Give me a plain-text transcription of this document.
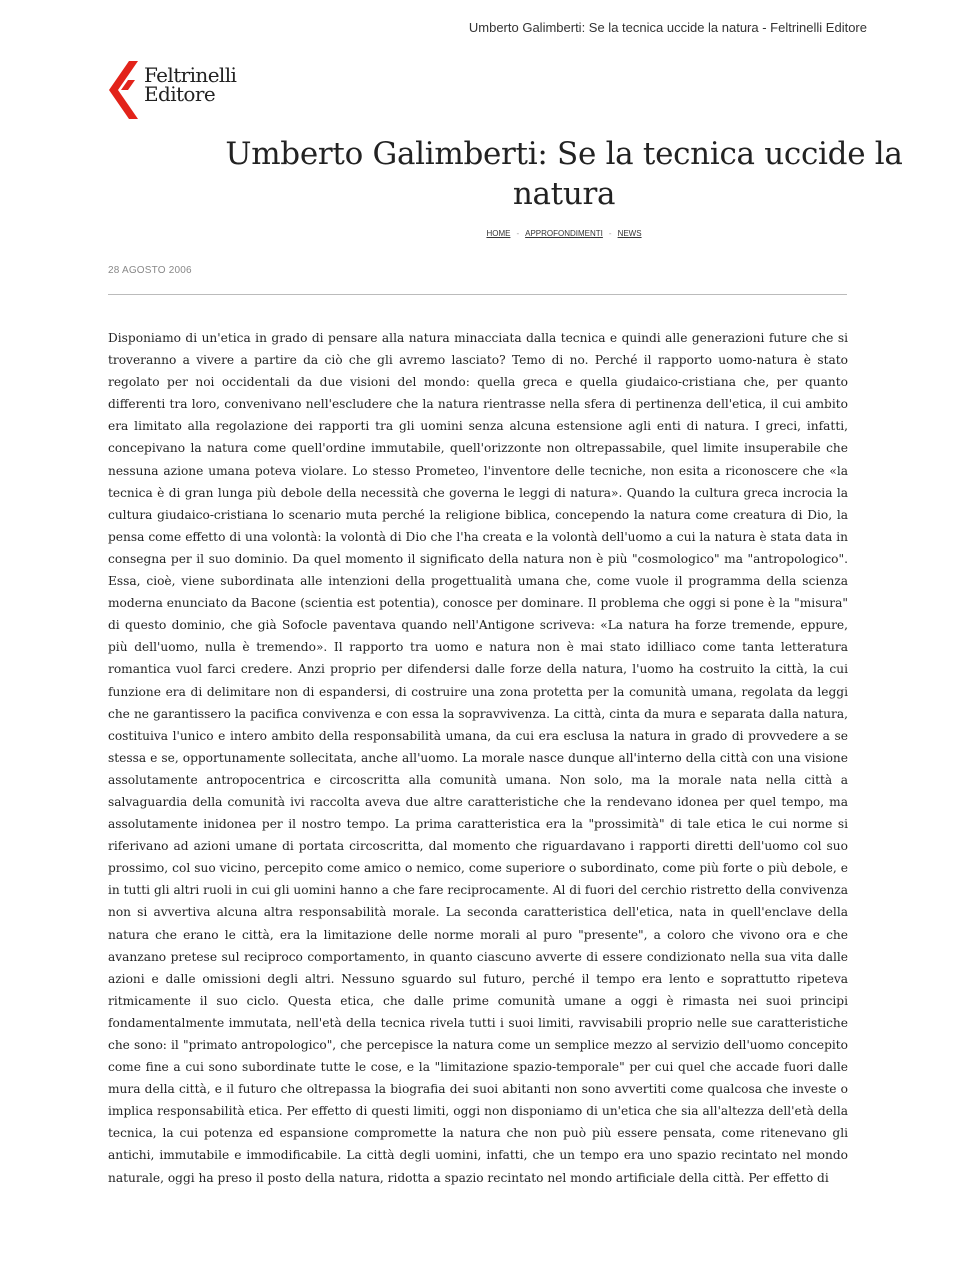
Umberto Galimberti: Se la tecnica uccide la natura - Feltrinelli Editore
Feltrinelli
Editore
Umberto Galimberti: Se la tecnica uccide la natura
HOME - APPROFONDIMENTI - NEWS
28 AGOSTO 2006

Disponiamo di un'etica in grado di pensare alla natura minacciata dalla tecnica e quindi alle generazioni future che si troveranno a vivere a partire da ciò che gli avremo lasciato? Temo di no. Perché il rapporto uomo-natura è stato regolato per noi occidentali da due visioni del mondo: quella greca e quella giudaico-cristiana che, per quanto differenti tra loro, convenivano nell'escludere che la natura rientrasse nella sfera di pertinenza dell'etica, il cui ambito era limitato alla regolazione dei rapporti tra gli uomini senza alcuna estensione agli enti di natura. I greci, infatti, concepivano la natura come quell'ordine immutabile, quell'orizzonte non oltrepassabile, quel limite insuperabile che nessuna azione umana poteva violare. Lo stesso Prometeo, l'inventore delle tecniche, non esita a riconoscere che «la tecnica è di gran lunga più debole della necessità che governa le leggi di natura». Quando la cultura greca incrocia la cultura giudaico-cristiana lo scenario muta perché la religione biblica, concependo la natura come creatura di Dio, la pensa come effetto di una volontà: la volontà di Dio che l'ha creata e la volontà dell'uomo a cui la natura è stata data in consegna per il suo dominio. Da quel momento il significato della natura non è più "cosmologico" ma "antropologico". Essa, cioè, viene subordinata alle intenzioni della progettualità umana che, come vuole il programma della scienza moderna enunciato da Bacone (scientia est potentia), conosce per dominare. Il problema che oggi si pone è la "misura" di questo dominio, che già Sofocle paventava quando nell'Antigone scriveva: «La natura ha forze tremende, eppure, più dell'uomo, nulla è tremendo». Il rapporto tra uomo e natura non è mai stato idilliaco come tanta letteratura romantica vuol farci credere. Anzi proprio per difendersi dalle forze della natura, l'uomo ha costruito la città, la cui funzione era di delimitare non di espandersi, di costruire una zona protetta per la comunità umana, regolata da leggi che ne garantissero la pacifica convivenza e con essa la sopravvivenza. La città, cinta da mura e separata dalla natura, costituiva l'unico e intero ambito della responsabilità umana, da cui era esclusa la natura in grado di provvedere a se stessa e se, opportunamente sollecitata, anche all'uomo. La morale nasce dunque all'interno della città con una visione assolutamente antropocentrica e circoscritta alla comunità umana. Non solo, ma la morale nata nella città a salvaguardia della comunità ivi raccolta aveva due altre caratteristiche che la rendevano idonea per quel tempo, ma assolutamente inidonea per il nostro tempo. La prima caratteristica era la "prossimità" di tale etica le cui norme si riferivano ad azioni umane di portata circoscritta, dal momento che riguardavano i rapporti diretti dell'uomo col suo prossimo, col suo vicino, percepito come amico o nemico, come superiore o subordinato, come più forte o più debole, e in tutti gli altri ruoli in cui gli uomini hanno a che fare reciprocamente. Al di fuori del cerchio ristretto della convivenza non si avvertiva alcuna altra responsabilità morale. La seconda caratteristica dell'etica, nata in quell'enclave della natura che erano le città, era la limitazione delle norme morali al puro "presente", a coloro che vivono ora e che avanzano pretese sul reciproco comportamento, in quanto ciascuno avverte di essere condizionato nella sua vita dalle azioni e dalle omissioni degli altri. Nessuno sguardo sul futuro, perché il tempo era lento e soprattutto ripeteva ritmicamente il suo ciclo. Questa etica, che dalle prime comunità umane a oggi è rimasta nei suoi principi fondamentalmente immutata, nell'età della tecnica rivela tutti i suoi limiti, ravvisabili proprio nelle sue caratteristiche che sono: il "primato antropologico", che percepisce la natura come un semplice mezzo al servizio dell'uomo concepito come fine a cui sono subordinate tutte le cose, e la "limitazione spazio-temporale" per cui quel che accade fuori dalle mura della città, e il futuro che oltrepassa la biografia dei suoi abitanti non sono avvertiti come qualcosa che investe o implica responsabilità etica. Per effetto di questi limiti, oggi non disponiamo di un'etica che sia all'altezza dell'età della tecnica, la cui potenza ed espansione compromette la natura che non può più essere pensata, come ritenevano gli antichi, immutabile e immodificabile. La città degli uomini, infatti, che un tempo era uno spazio recintato nel mondo naturale, oggi ha preso il posto della natura, ridotta a spazio recintato nel mondo artificiale della città. Per effetto di
